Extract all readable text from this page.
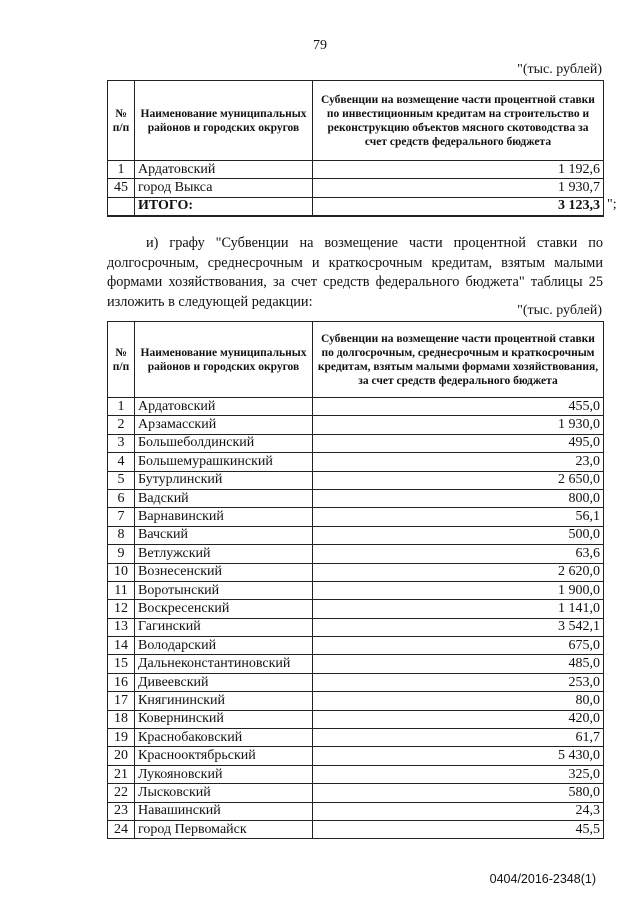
79
"(тыс. рублей)
№ п/п	Наименование муниципальных районов и городских округов	Субвенции на возмещение части процентной ставки по инвестиционным кредитам на строительство и реконструкцию объектов мясного скотоводства за счет средств федерального бюджета
1	Ардатовский	1 192,6
45	город Выкса	1 930,7
	ИТОГО:	3 123,3 ";
и) графу "Субвенции на возмещение части процентной ставки по долгосрочным, среднесрочным и краткосрочным кредитам, взятым малыми формами хозяйствования, за счет средств федерального бюджета" таблицы 25 изложить в следующей редакции:
"(тыс. рублей)
№ п/п	Наименование муниципальных районов и городских округов	Субвенции на возмещение части процентной ставки по долгосрочным, среднесрочным и краткосрочным кредитам, взятым малыми формами хозяйствования, за счет средств федерального бюджета
1	Ардатовский	455,0
2	Арзамасский	1 930,0
3	Большеболдинский	495,0
4	Большемурашкинский	23,0
5	Бутурлинский	2 650,0
6	Вадский	800,0
7	Варнавинский	56,1
8	Вачский	500,0
9	Ветлужский	63,6
10	Вознесенский	2 620,0
11	Воротынский	1 900,0
12	Воскресенский	1 141,0
13	Гагинский	3 542,1
14	Володарский	675,0
15	Дальнеконстантиновский	485,0
16	Дивеевский	253,0
17	Княгининский	80,0
18	Ковернинский	420,0
19	Краснобаковский	61,7
20	Краснооктябрьский	5 430,0
21	Лукояновский	325,0
22	Лысковский	580,0
23	Навашинский	24,3
24	город Первомайск	45,5
0404/2016-2348(1)
